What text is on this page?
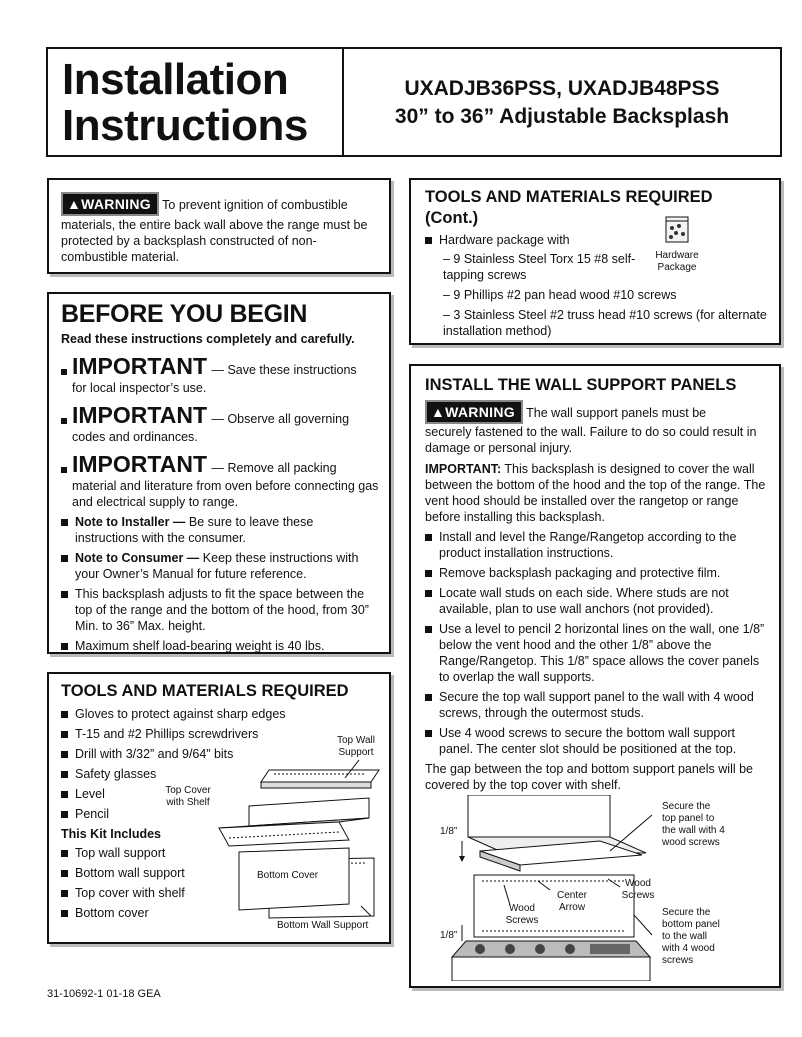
Installation
Instructions
UXADJB36PSS, UXADJB48PSS
30” to 36” Adjustable Backsplash
▲WARNING To prevent ignition of combustible
materials, the entire back wall above the range must be protected by a backsplash constructed of non-combustible material.
BEFORE YOU BEGIN
Read these instructions completely and carefully.
IMPORTANT — Save these instructions
for local inspector’s use.
IMPORTANT — Observe all governing
codes and ordinances.
IMPORTANT — Remove all packing
material and literature from oven before connecting gas and electrical supply to range.
Note to Installer — Be sure to leave these instructions with the consumer.
Note to Consumer — Keep these instructions with your Owner’s Manual for future reference.
This backsplash adjusts to fit the space between the top of the range and the bottom of the hood, from 30” Min. to 36” Max. height.
Maximum shelf load-bearing weight is 40 lbs.
TOOLS AND MATERIALS REQUIRED
Gloves to protect against sharp edges
T-15 and #2 Phillips screwdrivers
Drill with 3/32” and 9/64” bits
Safety glasses
Level
Pencil
This Kit Includes
Top wall support
Bottom wall support
Top cover with shelf
Bottom cover
Top Wall Support
Top Cover with Shelf
Bottom Cover
Bottom Wall Support
TOOLS AND MATERIALS REQUIRED
(Cont.)
Hardware package with
– 9 Stainless Steel Torx 15 #8 self-tapping screws
– 9 Phillips #2 pan head wood #10 screws
– 3 Stainless Steel #2 truss head #10 screws (for alternate installation method)
Hardware Package
INSTALL THE WALL SUPPORT PANELS
▲WARNING The wall support panels must be
securely fastened to the wall. Failure to do so could result in damage or personal injury.
IMPORTANT: This backsplash is designed to cover the wall between the bottom of the hood and the top of the range. The vent hood should be installed over the rangetop or range before installing this backsplash.
Install and level the Range/Rangetop according to the product installation instructions.
Remove backsplash packaging and protective film.
Locate wall studs on each side. Where studs are not available, plan to use wall anchors (not provided).
Use a level to pencil 2 horizontal lines on the wall, one 1/8” below the vent hood and the other 1/8” above the Range/Rangetop. This 1/8” space allows the cover panels to overlap the wall supports.
Secure the top wall support panel to the wall with 4 wood screws, through the outermost studs.
Use 4 wood screws to secure the bottom wall support panel. The center slot should be positioned at the top.
The gap between the top and bottom support panels will be covered by the top cover with shelf.
1/8”
1/8”
Secure the top panel to the wall with 4 wood screws
Secure the bottom panel to the wall with 4 wood screws
Wood Screws
Wood Screws
Center Arrow
31-10692-1 01-18 GEA
